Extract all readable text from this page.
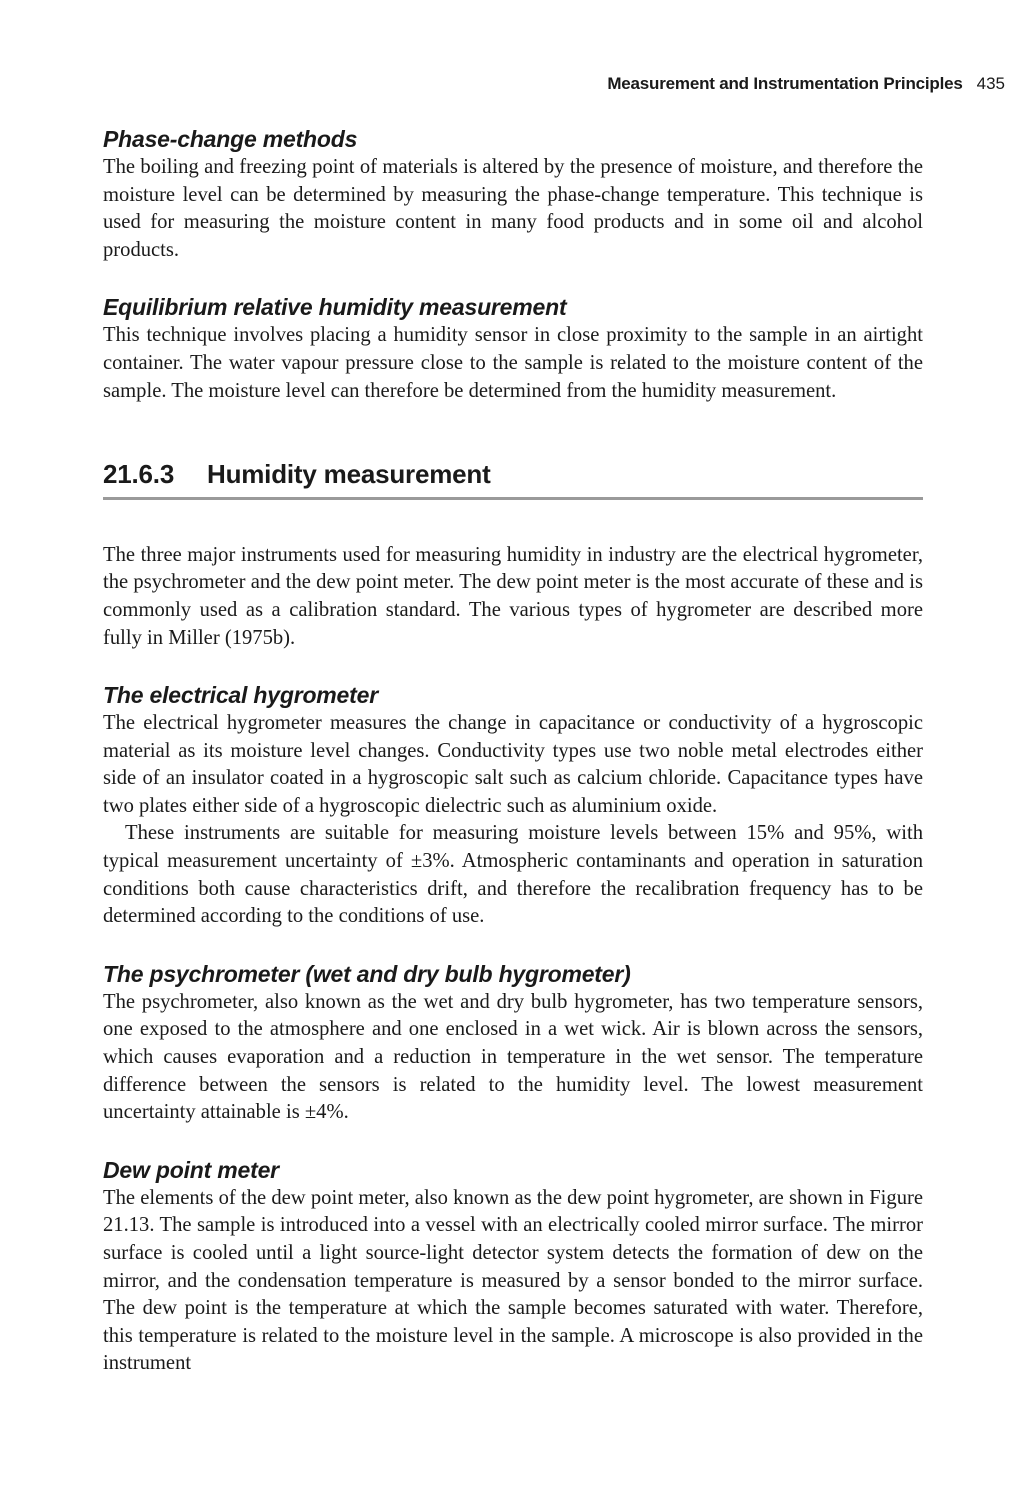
Measurement and Instrumentation Principles 435
Phase-change methods

The boiling and freezing point of materials is altered by the presence of moisture, and therefore the moisture level can be determined by measuring the phase-change temperature. This technique is used for measuring the moisture content in many food products and in some oil and alcohol products.

Equilibrium relative humidity measurement

This technique involves placing a humidity sensor in close proximity to the sample in an airtight container. The water vapour pressure close to the sample is related to the moisture content of the sample. The moisture level can therefore be determined from the humidity measurement.

21.6.3 Humidity measurement

The three major instruments used for measuring humidity in industry are the electrical hygrometer, the psychrometer and the dew point meter. The dew point meter is the most accurate of these and is commonly used as a calibration standard. The various types of hygrometer are described more fully in Miller (1975b).

The electrical hygrometer

The electrical hygrometer measures the change in capacitance or conductivity of a hygroscopic material as its moisture level changes. Conductivity types use two noble metal electrodes either side of an insulator coated in a hygroscopic salt such as calcium chloride. Capacitance types have two plates either side of a hygroscopic dielectric such as aluminium oxide.

These instruments are suitable for measuring moisture levels between 15% and 95%, with typical measurement uncertainty of ±3%. Atmospheric contaminants and operation in saturation conditions both cause characteristics drift, and therefore the recalibration frequency has to be determined according to the conditions of use.

The psychrometer (wet and dry bulb hygrometer)

The psychrometer, also known as the wet and dry bulb hygrometer, has two temperature sensors, one exposed to the atmosphere and one enclosed in a wet wick. Air is blown across the sensors, which causes evaporation and a reduction in temperature in the wet sensor. The temperature difference between the sensors is related to the humidity level. The lowest measurement uncertainty attainable is ±4%.

Dew point meter

The elements of the dew point meter, also known as the dew point hygrometer, are shown in Figure 21.13. The sample is introduced into a vessel with an electrically cooled mirror surface. The mirror surface is cooled until a light source-light detector system detects the formation of dew on the mirror, and the condensation temperature is measured by a sensor bonded to the mirror surface. The dew point is the temperature at which the sample becomes saturated with water. Therefore, this temperature is related to the moisture level in the sample. A microscope is also provided in the instrument
